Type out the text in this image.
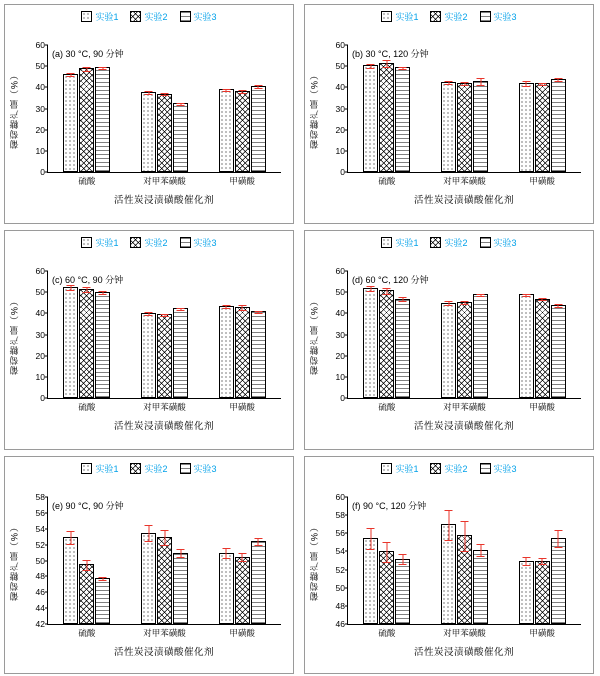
实验1	实验2	实验3
葡萄糖产量（%）
0
10
20
30
40
50
60
(a) 30 °C, 90 分钟
硫酸	对甲苯磺酸	甲磺酸
活性炭浸渍磺酸催化剂
实验1	实验2	实验3
葡萄糖产量（%）
0
10
20
30
40
50
60
(b) 30 °C, 120 分钟
硫酸	对甲苯磺酸	甲磺酸
活性炭浸渍磺酸催化剂
实验1	实验2	实验3
葡萄糖产量（%）
0
10
20
30
40
50
60
(c) 60 °C, 90 分钟
硫酸	对甲苯磺酸	甲磺酸
活性炭浸渍磺酸催化剂
实验1	实验2	实验3
葡萄糖产量（%）
0
10
20
30
40
50
60
(d) 60 °C, 120 分钟
硫酸	对甲苯磺酸	甲磺酸
活性炭浸渍磺酸催化剂
实验1	实验2	实验3
葡萄糖产量（%）
42
44
46
48
50
52
54
56
58
(e) 90 °C, 90 分钟
硫酸	对甲苯磺酸	甲磺酸
活性炭浸渍磺酸催化剂
实验1	实验2	实验3
葡萄糖产量（%）
46
48
50
52
54
56
58
60
(f) 90 °C, 120 分钟
硫酸	对甲苯磺酸	甲磺酸
活性炭浸渍磺酸催化剂
